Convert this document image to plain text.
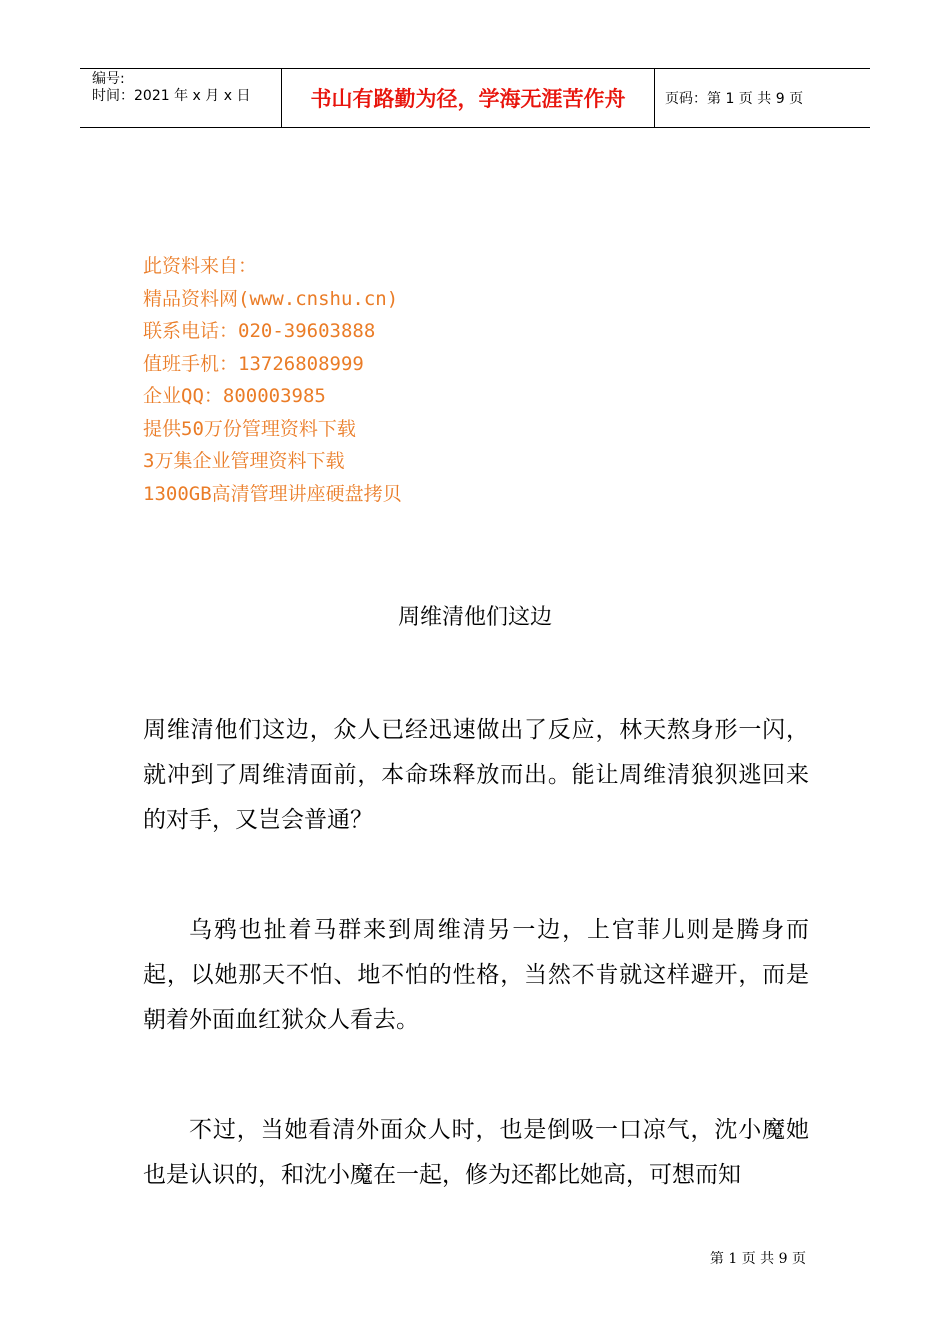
编号:
时间：2021 年 x 月 x 日	书山有路勤为径，学海无涯苦作舟	页码：第 1 页 共 9 页
此资料来自：
精品资料网(www.cnshu.cn)
联系电话：020-39603888
值班手机：13726808999
企业QQ：800003985
提供50万份管理资料下载
3万集企业管理资料下载
1300GB高清管理讲座硬盘拷贝
周维清他们这边
周维清他们这边，众人已经迅速做出了反应，林天熬身形一闪，就冲到了周维清面前，本命珠释放而出。能让周维清狼狈逃回来的对手，又岂会普通？
乌鸦也扯着马群来到周维清另一边，上官菲儿则是腾身而起，以她那天不怕、地不怕的性格，当然不肯就这样避开，而是朝着外面血红狱众人看去。
不过，当她看清外面众人时，也是倒吸一口凉气，沈小魔她也是认识的，和沈小魔在一起，修为还都比她高，可想而知
第 1 页 共 9 页
